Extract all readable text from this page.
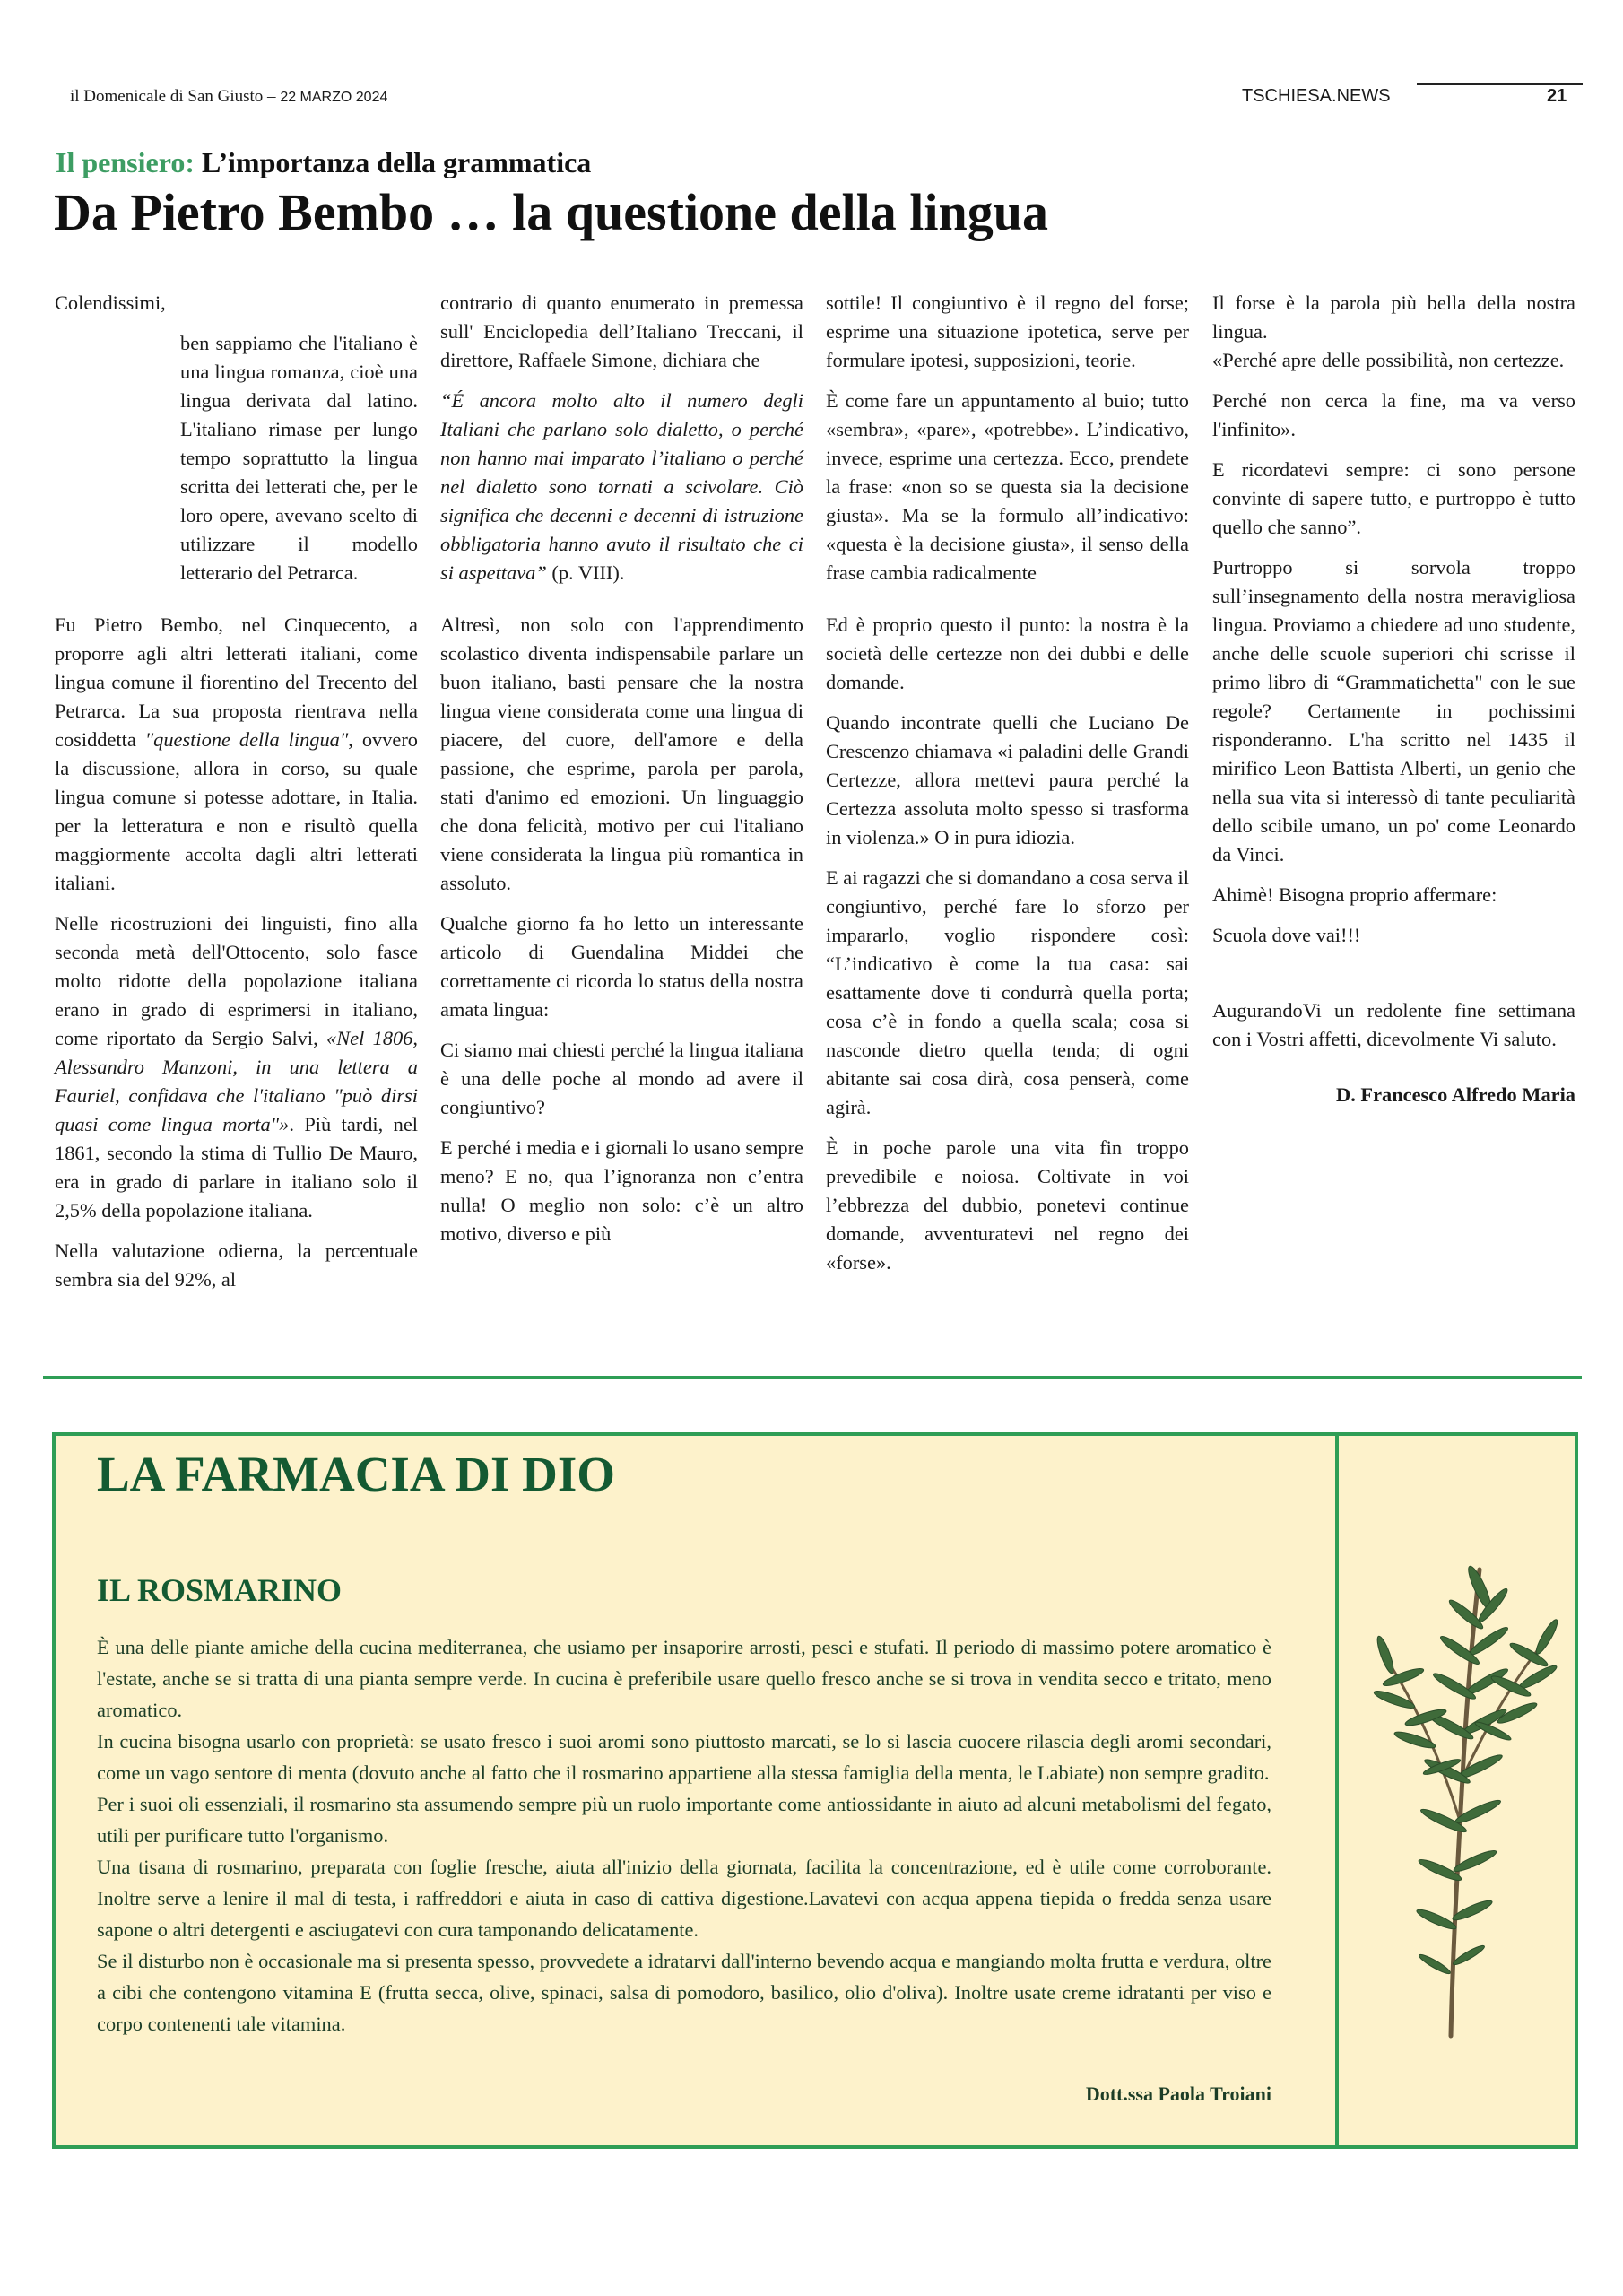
il Domenicale di San Giusto – 22 MARZO 2024	TSCHIESA.NEWS	21
Il pensiero: L’importanza della grammatica
Da Pietro Bembo … la questione della lingua

Colendissimi,

ben sappiamo che l'italiano è una lingua romanza, cioè una lingua derivata dal latino. L'italiano rimase per lungo tempo soprattutto la lingua scritta dei letterati che, per le loro opere, avevano scelto di utilizzare il modello letterario del Petrarca.

Fu Pietro Bembo, nel Cinquecento, a proporre agli altri letterati italiani, come lingua comune il fiorentino del Trecento del Petrarca. La sua proposta rientrava nella cosiddetta "questione della lingua", ovvero la discussione, allora in corso, su quale lingua comune si potesse adottare, in Italia. per la letteratura e non e risultò quella maggiormente accolta dagli altri letterati italiani.

Nelle ricostruzioni dei linguisti, fino alla seconda metà dell'Ottocento, solo fasce molto ridotte della popolazione italiana erano in grado di esprimersi in italiano, come riportato da Sergio Salvi, «Nel 1806, Alessandro Manzoni, in una lettera a Fauriel, confidava che l'italiano "può dirsi quasi come lingua morta"». Più tardi, nel 1861, secondo la stima di Tullio De Mauro, era in grado di parlare in italiano solo il 2,5% della popolazione italiana.

Nella valutazione odierna, la percentuale sembra sia del 92%, al

contrario di quanto enumerato in premessa sull' Enciclopedia dell’Italiano Treccani, il direttore, Raffaele Simone, dichiara che

“É ancora molto alto il numero degli Italiani che parlano solo dialetto, o perché non hanno mai imparato l’italiano o perché nel dialetto sono tornati a scivolare. Ciò significa che decenni e decenni di istruzione obbligatoria hanno avuto il risultato che ci si aspettava” (p. VIII).

Altresì, non solo con l'apprendimento scolastico diventa indispensabile parlare un buon italiano, basti pensare che la nostra lingua viene considerata come una lingua di piacere, del cuore, dell'amore e della passione, che esprime, parola per parola, stati d'animo ed emozioni. Un linguaggio che dona felicità, motivo per cui l'italiano viene considerata la lingua più romantica in assoluto.

Qualche giorno fa ho letto un interessante articolo di Guendalina Middei che correttamente ci ricorda lo status della nostra amata lingua:

Ci siamo mai chiesti perché la lingua italiana è una delle poche al mondo ad avere il congiuntivo?

E perché i media e i giornali lo usano sempre meno? E no, qua l’ignoranza non c’entra nulla! O meglio non solo: c’è un altro motivo, diverso e più

sottile! Il congiuntivo è il regno del forse; esprime una situazione ipotetica, serve per formulare ipotesi, supposizioni, teorie.

È come fare un appuntamento al buio; tutto «sembra», «pare», «potrebbe». L’indicativo, invece, esprime una certezza. Ecco, prendete la frase: «non so se questa sia la decisione giusta». Ma se la formulo all’indicativo: «questa è la decisione giusta», il senso della frase cambia radicalmente

Ed è proprio questo il punto: la nostra è la società delle certezze non dei dubbi e delle domande.

Quando incontrate quelli che Luciano De Crescenzo chiamava «i paladini delle Grandi Certezze, allora mettevi paura perché la Certezza assoluta molto spesso si trasforma in violenza.» O in pura idiozia.

E ai ragazzi che si domandano a cosa serva il congiuntivo, perché fare lo sforzo per impararlo, voglio rispondere così: “L’indicativo è come la tua casa: sai esattamente dove ti condurrà quella porta; cosa c’è in fondo a quella scala; cosa si nasconde dietro quella tenda; di ogni abitante sai cosa dirà, cosa penserà, come agirà.

È in poche parole una vita fin troppo prevedibile e noiosa. Coltivate in voi l’ebbrezza del dubbio, ponetevi continue domande, avventuratevi nel regno dei «forse».

Il forse è la parola più bella della nostra lingua.

«Perché apre delle possibilità, non certezze.

Perché non cerca la fine, ma va verso l'infinito».

E ricordatevi sempre: ci sono persone convinte di sapere tutto, e purtroppo è tutto quello che sanno”.

Purtroppo si sorvola troppo sull’insegnamento della nostra meravigliosa lingua. Proviamo a chiedere ad uno studente, anche delle scuole superiori chi scrisse il primo libro di “Grammatichetta" con le sue regole? Certamente in pochissimi risponderanno. L'ha scritto nel 1435 il mirifico Leon Battista Alberti, un genio che nella sua vita si interessò di tante peculiarità dello scibile umano, un po' come Leonardo da Vinci.

Ahimè! Bisogna proprio affermare:

Scuola dove vai!!!

AugurandoVi un redolente fine settimana con i Vostri affetti, dicevolmente Vi saluto.

D. Francesco Alfredo Maria

LA FARMACIA DI DIO
IL ROSMARINO

È una delle piante amiche della cucina mediterranea, che usiamo per insaporire arrosti, pesci e stufati. Il periodo di massimo potere aromatico è l'estate, anche se si tratta di una pianta sempre verde. In cucina è preferibile usare quello fresco anche se si trova in vendita secco e tritato, meno aromatico.

In cucina bisogna usarlo con proprietà: se usato fresco i suoi aromi sono piuttosto marcati, se lo si lascia cuocere rilascia degli aromi secondari, come un vago sentore di menta (dovuto anche al fatto che il rosmarino appartiene alla stessa famiglia della menta, le Labiate) non sempre gradito.

Per i suoi oli essenziali, il rosmarino sta assumendo sempre più un ruolo importante come antiossidante in aiuto ad alcuni metabolismi del fegato, utili per purificare tutto l'organismo.

Una tisana di rosmarino, preparata con foglie fresche, aiuta all'inizio della giornata, facilita la concentrazione, ed è utile come corroborante. Inoltre serve a lenire il mal di testa, i raffreddori e aiuta in caso di cattiva digestione.Lavatevi con acqua appena tiepida o fredda senza usare sapone o altri detergenti e asciugatevi con cura tamponando delicatamente.

Se il disturbo non è occasionale ma si presenta spesso, provvedete a idratarvi dall'interno bevendo acqua e mangiando molta frutta e verdura, oltre a cibi che contengono vitamina E (frutta secca, olive, spinaci, salsa di pomodoro, basilico, olio d'oliva). Inoltre usate creme idratanti per viso e corpo contenenti tale vitamina.

Dott.ssa Paola Troiani
